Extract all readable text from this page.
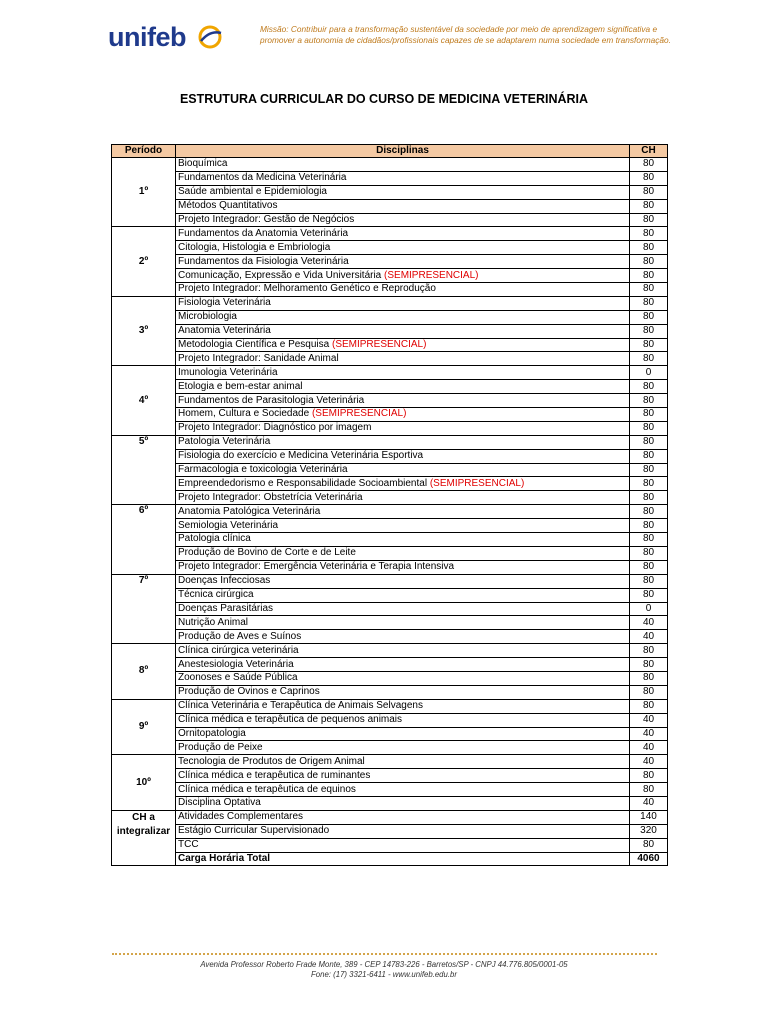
unifeb	Missão: Contribuir para a transformação sustentável da sociedade por meio de aprendizagem significativa e
promover a autonomia de cidadãos/profissionais capazes de se adaptarem numa sociedade em transformação.
ESTRUTURA CURRICULAR DO CURSO DE MEDICINA VETERINÁRIA
Período	Disciplinas	CH
1º	Bioquímica	80
	Fundamentos da Medicina Veterinária	80
	Saúde ambiental e Epidemiologia	80
	Métodos Quantitativos	80
	Projeto Integrador: Gestão de Negócios	80
2º	Fundamentos da Anatomia Veterinária	80
	Citologia, Histologia e Embriologia	80
	Fundamentos da Fisiologia Veterinária	80
	Comunicação, Expressão e Vida Universitária (SEMIPRESENCIAL)	80
	Projeto Integrador: Melhoramento Genético e Reprodução	80
3º	Fisiologia Veterinária	80
	Microbiologia	80
	Anatomia Veterinária	80
	Metodologia Científica e Pesquisa (SEMIPRESENCIAL)	80
	Projeto Integrador: Sanidade Animal	80
4º	Imunologia Veterinária	0
	Etologia e bem-estar animal	80
	Fundamentos de Parasitologia Veterinária	80
	Homem, Cultura e Sociedade (SEMIPRESENCIAL)	80
	Projeto Integrador: Diagnóstico por imagem	80
5º	Patologia Veterinária	80
	Fisiologia do exercício e Medicina Veterinária Esportiva	80
	Farmacologia e toxicologia Veterinária	80
	Empreendedorismo e Responsabilidade Socioambiental (SEMIPRESENCIAL)	80
	Projeto Integrador: Obstetrícia Veterinária	80
6º	Anatomia Patológica Veterinária	80
	Semiologia Veterinária	80
	Patologia clínica	80
	Produção de Bovino de Corte e de Leite	80
	Projeto Integrador: Emergência Veterinária e Terapia Intensiva	80
7º	Doenças Infecciosas	80
	Técnica cirúrgica	80
	Doenças Parasitárias	0
	Nutrição Animal	40
	Produção de Aves e Suínos	40
8º	Clínica cirúrgica veterinária	80
	Anestesiologia Veterinária	80
	Zoonoses e Saúde Pública	80
	Produção de Ovinos e Caprinos	80
9º	Clínica Veterinária e Terapêutica de Animais Selvagens	80
	Clínica médica e terapêutica de pequenos animais	40
	Ornitopatologia	40
	Produção de Peixe	40
10º	Tecnologia de Produtos de Origem Animal	40
	Clínica médica e terapêutica de ruminantes	80
	Clínica médica e terapêutica de equinos	80
	Disciplina Optativa	40
CH a integralizar	Atividades Complementares	140
	Estágio Curricular Supervisionado	320
	TCC	80
	Carga Horária Total	4060
Avenida Professor Roberto Frade Monte, 389 - CEP 14783-226 - Barretos/SP - CNPJ 44.776.805/0001-05
Fone: (17) 3321-6411 - www.unifeb.edu.br
